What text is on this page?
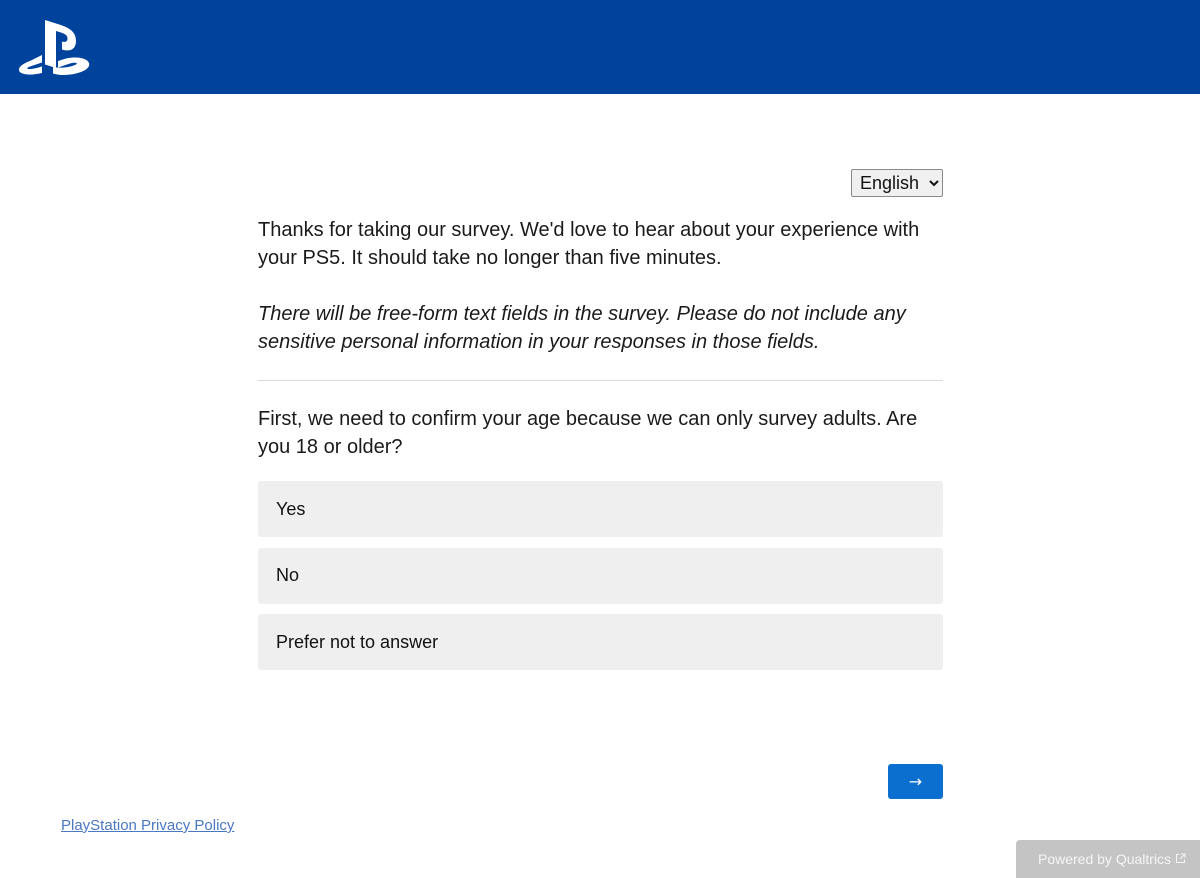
English

Thanks for taking our survey. We'd love to hear about your experience with your PS5. It should take no longer than five minutes.

There will be free-form text fields in the survey. Please do not include any sensitive personal information in your responses in those fields.

First, we need to confirm your age because we can only survey adults. Are you 18 or older?

Yes
No
Prefer not to answer
→
PlayStation Privacy Policy
Powered by Qualtrics
